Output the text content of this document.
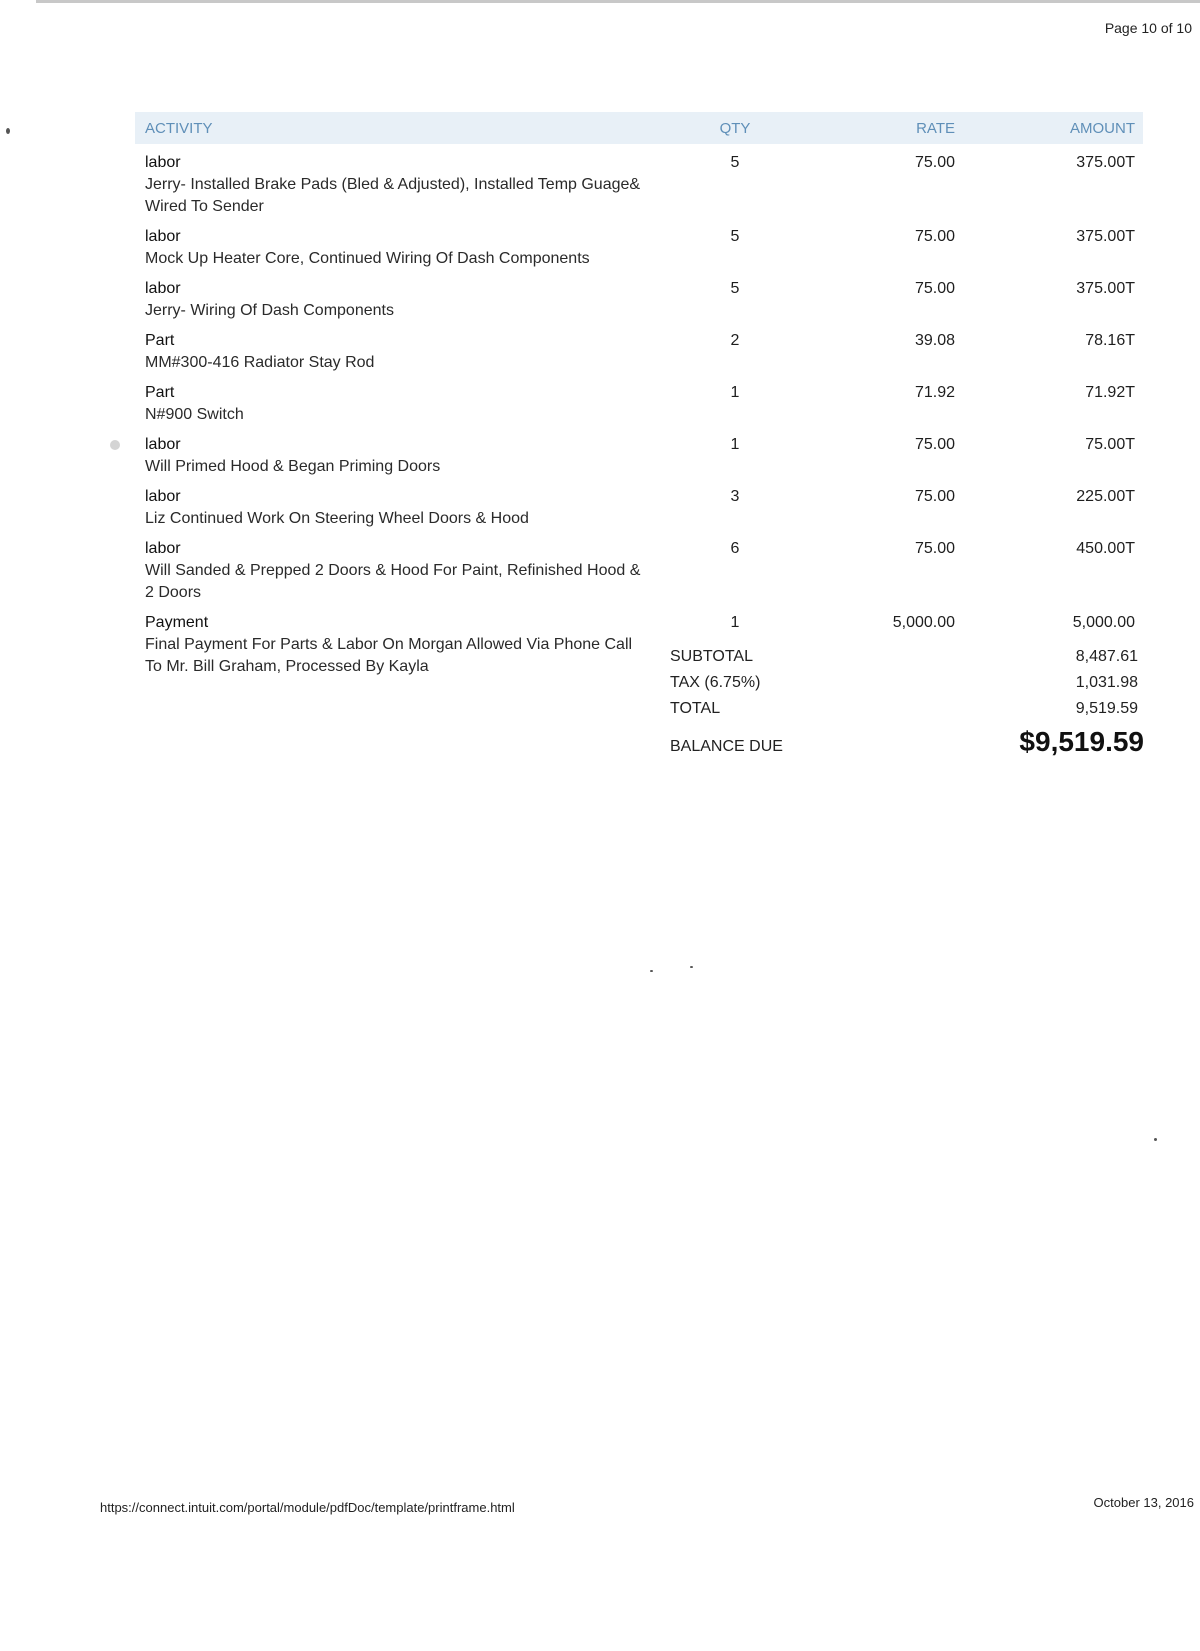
Page 10 of 10
ACTIVITY	QTY	RATE	AMOUNT

labor
Jerry- Installed Brake Pads (Bled & Adjusted), Installed Temp Guage& Wired To Sender	5	75.00	375.00T

labor
Mock Up Heater Core, Continued Wiring Of Dash Components	5	75.00	375.00T

labor
Jerry- Wiring Of Dash Components	5	75.00	375.00T

Part
MM#300-416 Radiator Stay Rod	2	39.08	78.16T

Part
N#900 Switch	1	71.92	71.92T

labor
Will Primed Hood & Began Priming Doors	1	75.00	75.00T

labor
Liz Continued Work On Steering Wheel Doors & Hood	3	75.00	225.00T

labor
Will Sanded & Prepped 2 Doors & Hood For Paint, Refinished Hood & 2 Doors	6	75.00	450.00T

Payment
Final Payment For Parts & Labor On Morgan Allowed Via Phone Call To Mr. Bill Graham, Processed By Kayla	1	5,000.00	5,000.00
SUBTOTAL	8,487.61
TAX (6.75%)	1,031.98
TOTAL	9,519.59
BALANCE DUE	$9,519.59
https://connect.intuit.com/portal/module/pdfDoc/template/printframe.html	October 13, 2016
